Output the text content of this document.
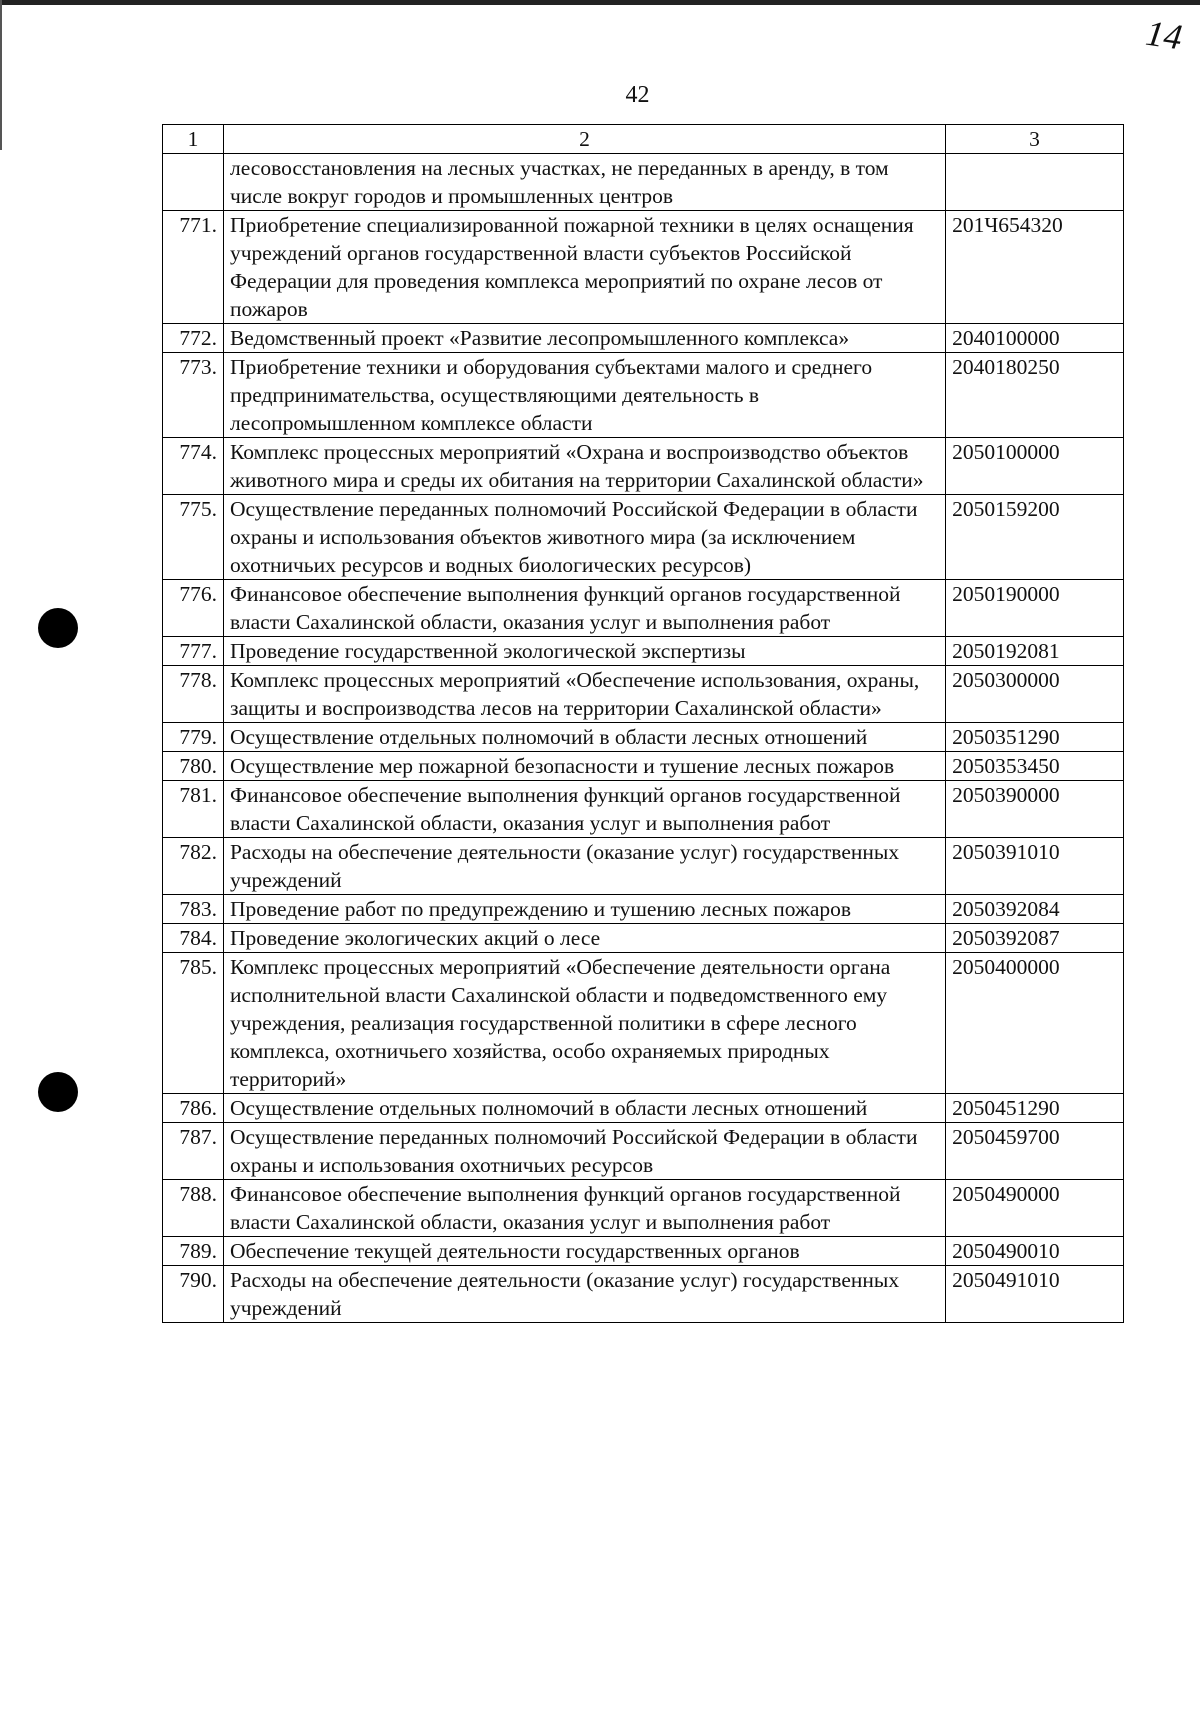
14
42
1	2	3
	лесовосстановления на лесных участках, не переданных в аренду, в том числе вокруг городов и промышленных центров	
771.	Приобретение специализированной пожарной техники в целях оснащения учреждений органов государственной власти субъектов Российской Федерации для проведения комплекса мероприятий по охране лесов от пожаров	201Ч654320
772.	Ведомственный проект «Развитие лесопромышленного комплекса»	2040100000
773.	Приобретение техники и оборудования субъектами малого и среднего предпринимательства, осуществляющими деятельность в лесопромышленном комплексе области	2040180250
774.	Комплекс процессных мероприятий «Охрана и воспроизводство объектов животного мира и среды их обитания на территории Сахалинской области»	2050100000
775.	Осуществление переданных полномочий Российской Федерации в области охраны и использования объектов животного мира (за исключением охотничьих ресурсов и водных биологических ресурсов)	2050159200
776.	Финансовое обеспечение выполнения функций органов государственной власти Сахалинской области, оказания услуг и выполнения работ	2050190000
777.	Проведение государственной экологической экспертизы	2050192081
778.	Комплекс процессных мероприятий «Обеспечение использования, охраны, защиты и воспроизводства лесов на территории Сахалинской области»	2050300000
779.	Осуществление отдельных полномочий в области лесных отношений	2050351290
780.	Осуществление мер пожарной безопасности и тушение лесных пожаров	2050353450
781.	Финансовое обеспечение выполнения функций органов государственной власти Сахалинской области, оказания услуг и выполнения работ	2050390000
782.	Расходы на обеспечение деятельности (оказание услуг) государственных учреждений	2050391010
783.	Проведение работ по предупреждению и тушению лесных пожаров	2050392084
784.	Проведение экологических акций о лесе	2050392087
785.	Комплекс процессных мероприятий «Обеспечение деятельности органа исполнительной власти Сахалинской области и подведомственного ему учреждения, реализация государственной политики в сфере лесного комплекса, охотничьего хозяйства, особо охраняемых природных территорий»	2050400000
786.	Осуществление отдельных полномочий в области лесных отношений	2050451290
787.	Осуществление переданных полномочий Российской Федерации в области охраны и использования охотничьих ресурсов	2050459700
788.	Финансовое обеспечение выполнения функций органов государственной власти Сахалинской области, оказания услуг и выполнения работ	2050490000
789.	Обеспечение текущей деятельности государственных органов	2050490010
790.	Расходы на обеспечение деятельности (оказание услуг) государственных учреждений	2050491010
